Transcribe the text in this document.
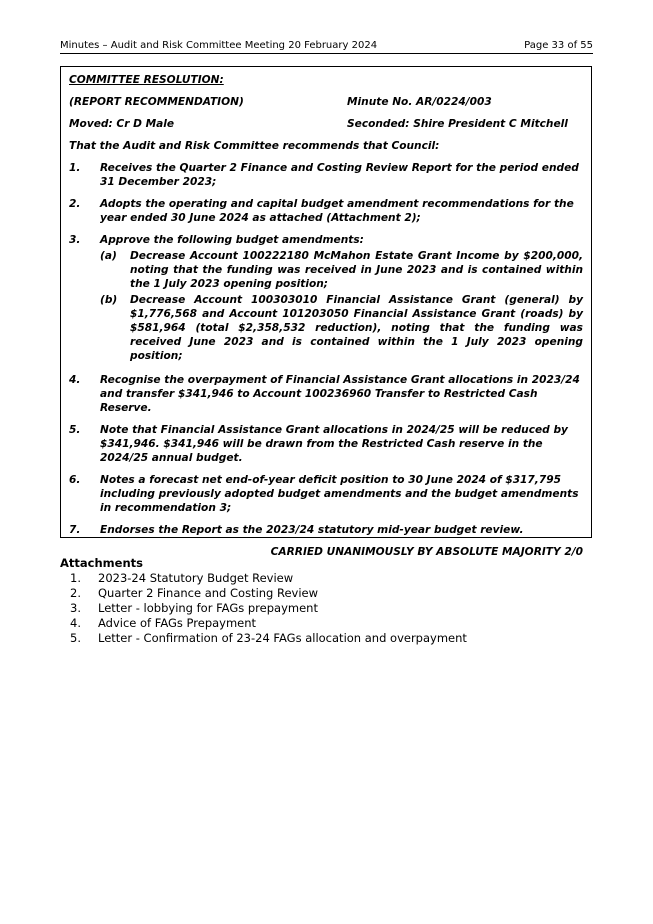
Minutes – Audit and Risk Committee Meeting 20 February 2024	Page 33 of 55
COMMITTEE RESOLUTION:
(REPORT RECOMMENDATION)	Minute No. AR/0224/003
Moved: Cr D Male	Seconded: Shire President C Mitchell
That the Audit and Risk Committee recommends that Council:
1.	Receives the Quarter 2 Finance and Costing Review Report for the period ended 31 December 2023;
2.	Adopts the operating and capital budget amendment recommendations for the year ended 30 June 2024 as attached (Attachment 2);
3.	Approve the following budget amendments:
(a)	Decrease Account 100222180 McMahon Estate Grant Income by $200,000, noting that the funding was received in June 2023 and is contained within the 1 July 2023 opening position;
(b)	Decrease Account 100303010 Financial Assistance Grant (general) by $1,776,568 and Account 101203050 Financial Assistance Grant (roads) by $581,964 (total $2,358,532 reduction), noting that the funding was received June 2023 and is contained within the 1 July 2023 opening position;
4.	Recognise the overpayment of Financial Assistance Grant allocations in 2023/24 and transfer $341,946 to Account 100236960 Transfer to Restricted Cash Reserve.
5.	Note that Financial Assistance Grant allocations in 2024/25 will be reduced by $341,946. $341,946 will be drawn from the Restricted Cash reserve in the 2024/25 annual budget.
6.	Notes a forecast net end-of-year deficit position to 30 June 2024 of $317,795 including previously adopted budget amendments and the budget amendments in recommendation 3;
7.	Endorses the Report as the 2023/24 statutory mid-year budget review.
CARRIED UNANIMOUSLY BY ABSOLUTE MAJORITY 2/0
Attachments
1.	2023-24 Statutory Budget Review
2.	Quarter 2 Finance and Costing Review
3.	Letter - lobbying for FAGs prepayment
4.	Advice of FAGs Prepayment
5.	Letter - Confirmation of 23-24 FAGs allocation and overpayment
